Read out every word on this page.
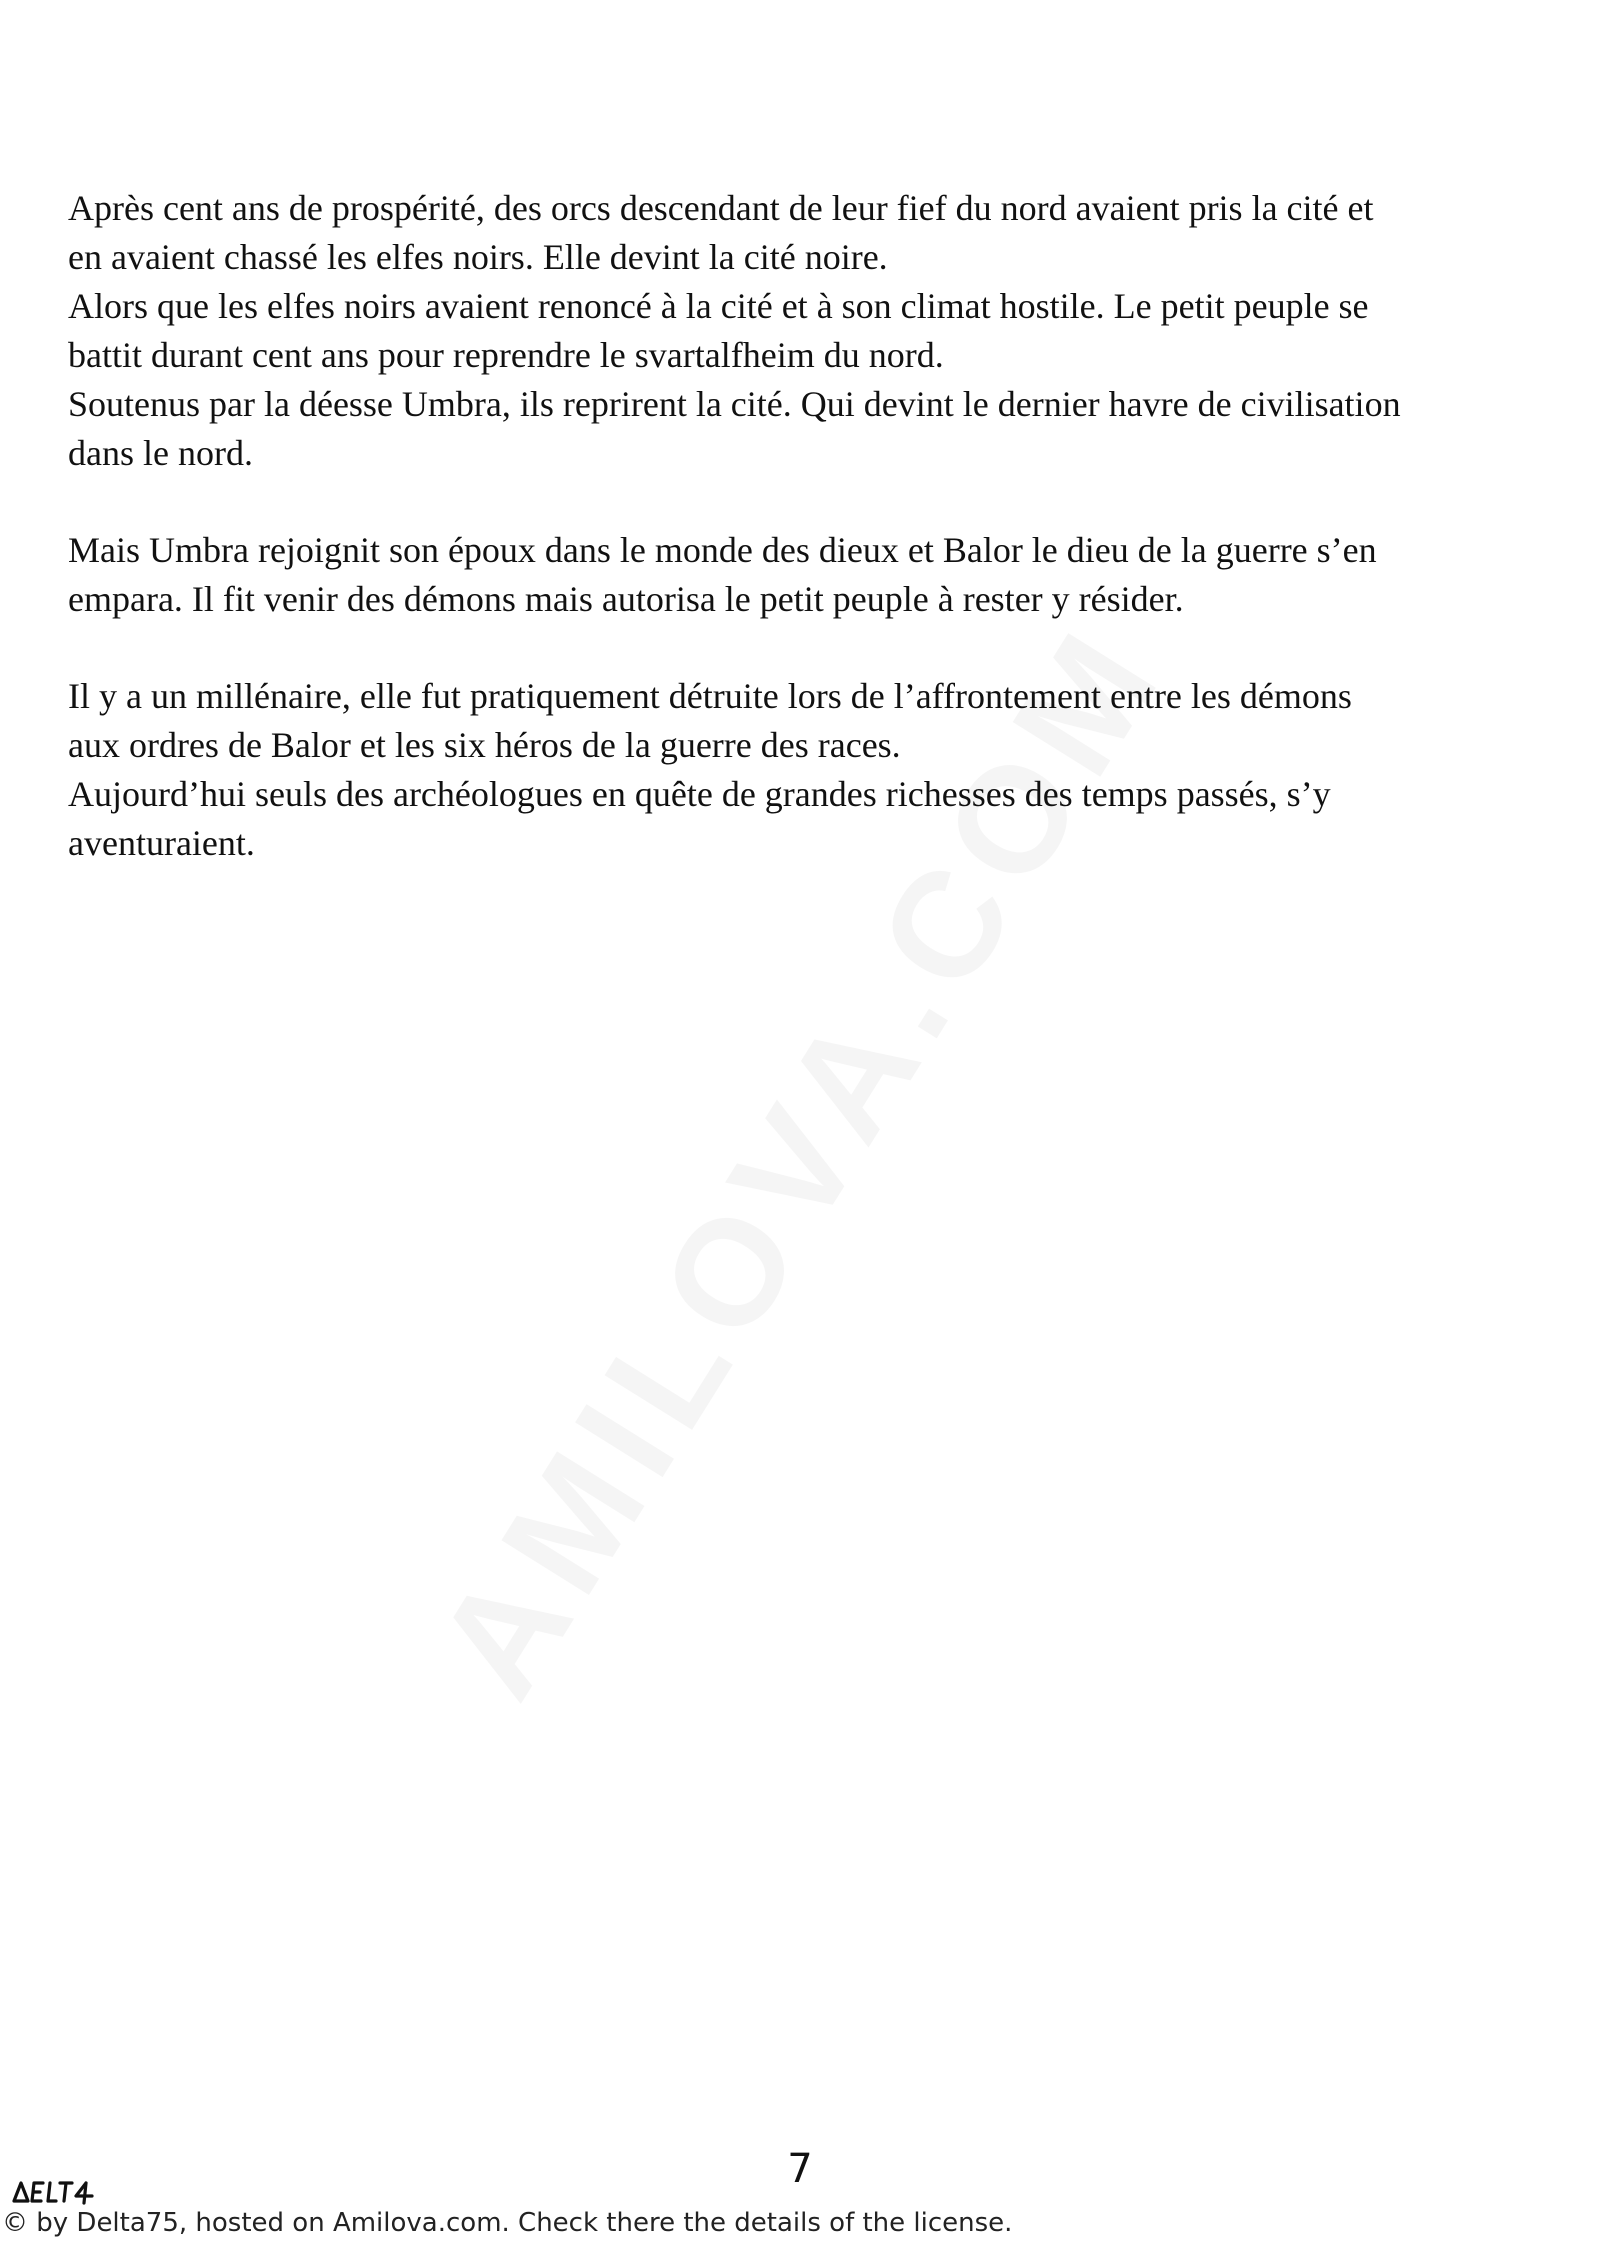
Après cent ans de prospérité, des orcs descendant de leur fief du nord avaient pris la cité et
en avaient chassé les elfes noirs. Elle devint la cité noire.
Alors que les elfes noirs avaient renoncé à la cité et à son climat hostile. Le petit peuple se
battit durant cent ans pour reprendre le svartalfheim du nord.
Soutenus par la déesse Umbra, ils reprirent la cité. Qui devint le dernier havre de civilisation
dans le nord.

Mais Umbra rejoignit son époux dans le monde des dieux et Balor le dieu de la guerre s’en
empara. Il fit venir des démons mais autorisa le petit peuple à rester y résider.

Il y a un millénaire, elle fut pratiquement détruite lors de l’affrontement entre les démons
aux ordres de Balor et les six héros de la guerre des races.
Aujourd’hui seuls des archéologues en quête de grandes richesses des temps passés, s’y
aventuraient.

7
© by Delta75, hosted on Amilova.com. Check there the details of the license.
